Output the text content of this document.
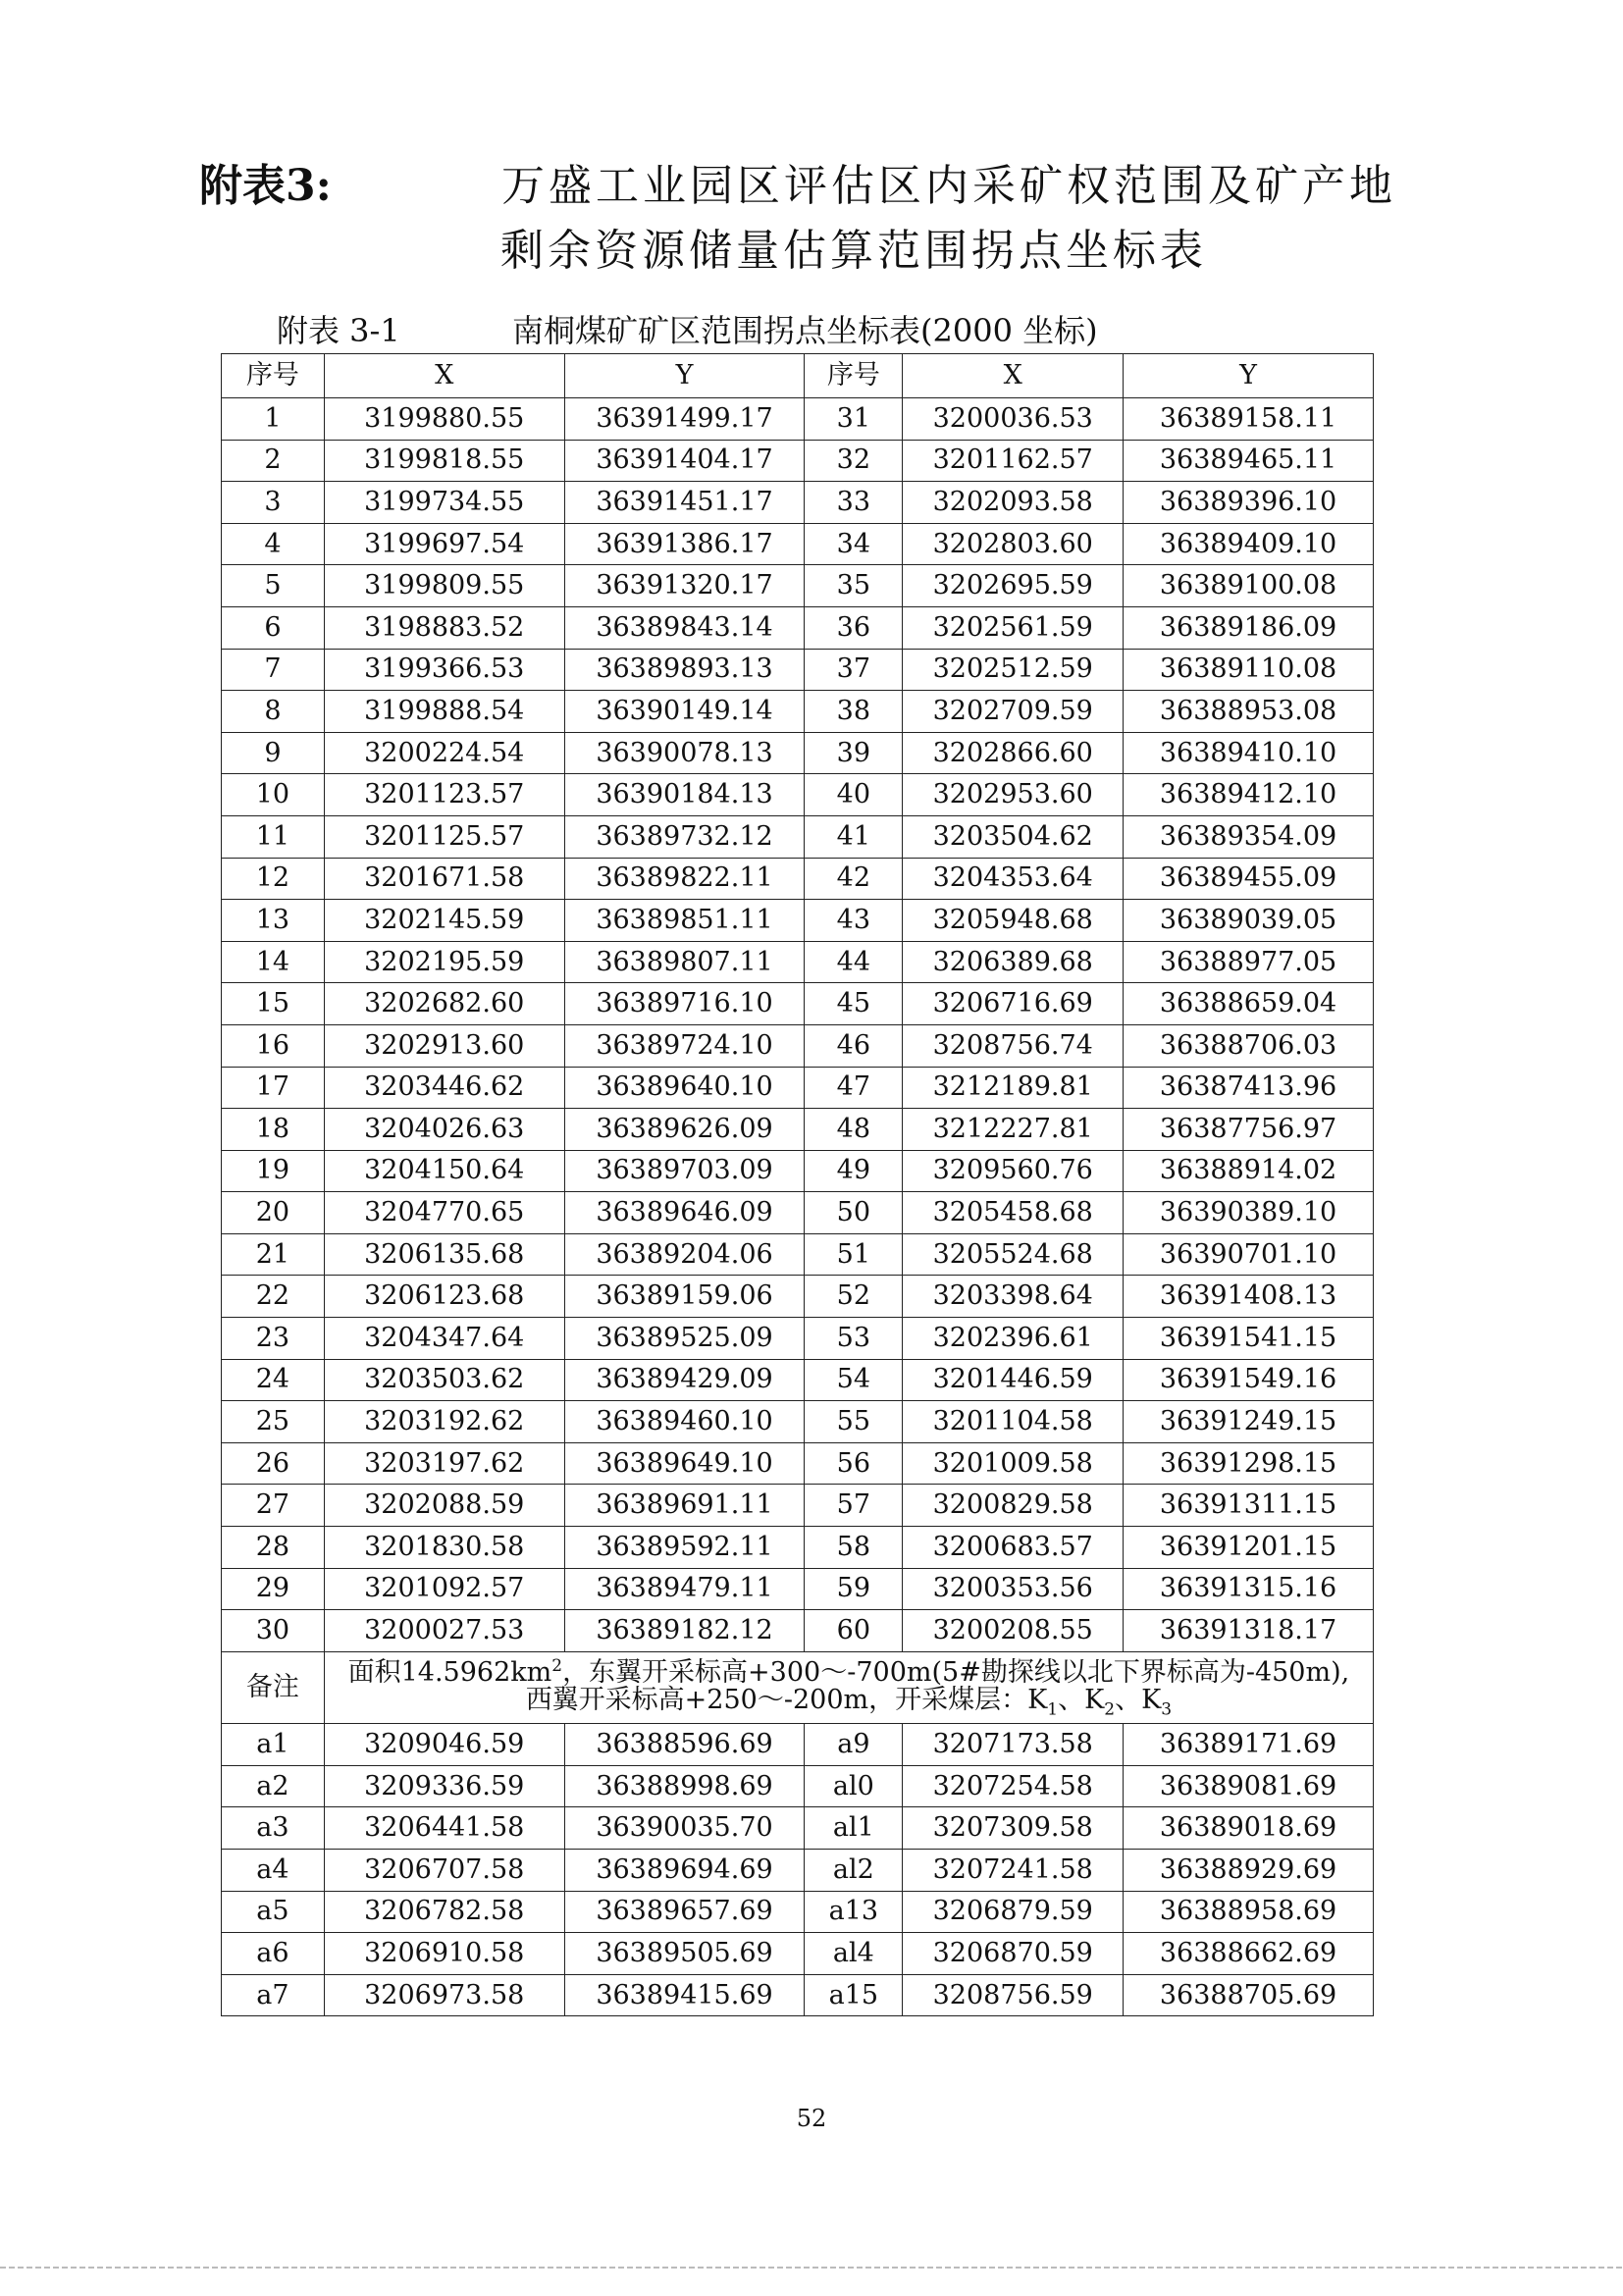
附表3:	万盛工业园区评估区内采矿权范围及矿产地
剩余资源储量估算范围拐点坐标表
附表 3-1	南桐煤矿矿区范围拐点坐标表(2000 坐标)
序号	X	Y	序号	X	Y
1	3199880.55	36391499.17	31	3200036.53	36389158.11
2	3199818.55	36391404.17	32	3201162.57	36389465.11
3	3199734.55	36391451.17	33	3202093.58	36389396.10
4	3199697.54	36391386.17	34	3202803.60	36389409.10
5	3199809.55	36391320.17	35	3202695.59	36389100.08
6	3198883.52	36389843.14	36	3202561.59	36389186.09
7	3199366.53	36389893.13	37	3202512.59	36389110.08
8	3199888.54	36390149.14	38	3202709.59	36388953.08
9	3200224.54	36390078.13	39	3202866.60	36389410.10
10	3201123.57	36390184.13	40	3202953.60	36389412.10
11	3201125.57	36389732.12	41	3203504.62	36389354.09
12	3201671.58	36389822.11	42	3204353.64	36389455.09
13	3202145.59	36389851.11	43	3205948.68	36389039.05
14	3202195.59	36389807.11	44	3206389.68	36388977.05
15	3202682.60	36389716.10	45	3206716.69	36388659.04
16	3202913.60	36389724.10	46	3208756.74	36388706.03
17	3203446.62	36389640.10	47	3212189.81	36387413.96
18	3204026.63	36389626.09	48	3212227.81	36387756.97
19	3204150.64	36389703.09	49	3209560.76	36388914.02
20	3204770.65	36389646.09	50	3205458.68	36390389.10
21	3206135.68	36389204.06	51	3205524.68	36390701.10
22	3206123.68	36389159.06	52	3203398.64	36391408.13
23	3204347.64	36389525.09	53	3202396.61	36391541.15
24	3203503.62	36389429.09	54	3201446.59	36391549.16
25	3203192.62	36389460.10	55	3201104.58	36391249.15
26	3203197.62	36389649.10	56	3201009.58	36391298.15
27	3202088.59	36389691.11	57	3200829.58	36391311.15
28	3201830.58	36389592.11	58	3200683.57	36391201.15
29	3201092.57	36389479.11	59	3200353.56	36391315.16
30	3200027.53	36389182.12	60	3200208.55	36391318.17
备注	面积$14.5962km^2$，东翼开采标高+300～-700m(5#勘探线以北下界标高为-450m),
西翼开采标高+250～-200m，开采煤层：$K_1$、$K_2$、$K_3$
a1	3209046.59	36388596.69	a9	3207173.58	36389171.69
a2	3209336.59	36388998.69	al0	3207254.58	36389081.69
a3	3206441.58	36390035.70	al1	3207309.58	36389018.69
a4	3206707.58	36389694.69	al2	3207241.58	36388929.69
a5	3206782.58	36389657.69	a13	3206879.59	36388958.69
a6	3206910.58	36389505.69	al4	3206870.59	36388662.69
a7	3206973.58	36389415.69	a15	3208756.59	36388705.69
52
